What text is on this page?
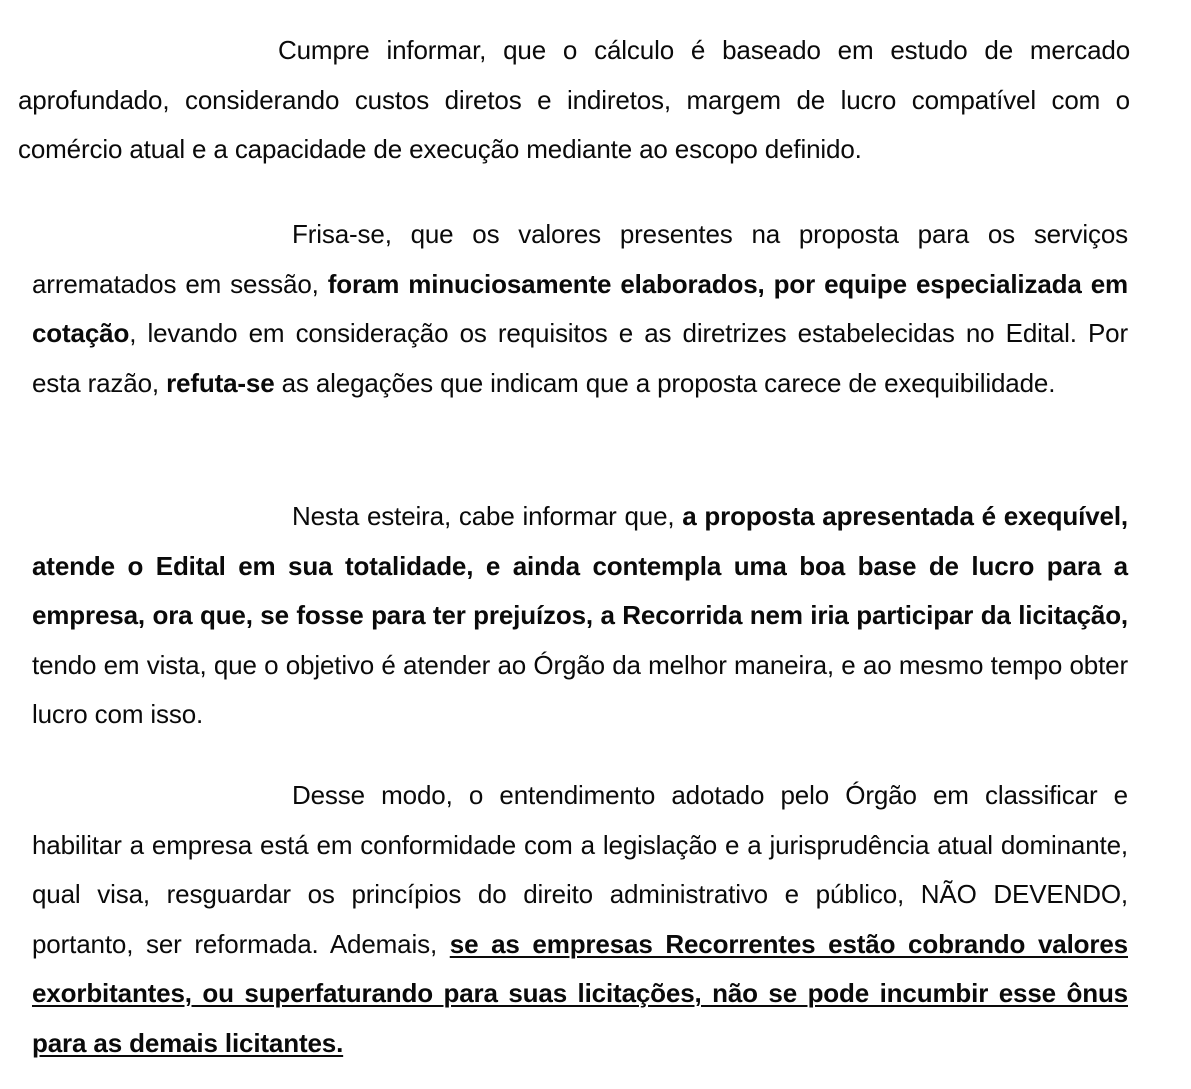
Cumpre informar, que o cálculo é baseado em estudo de mercado aprofundado, considerando custos diretos e indiretos, margem de lucro compatível com o comércio atual e a capacidade de execução mediante ao escopo definido.

Frisa-se, que os valores presentes na proposta para os serviços arrematados em sessão, foram minuciosamente elaborados, por equipe especializada em cotação, levando em consideração os requisitos e as diretrizes estabelecidas no Edital. Por esta razão, refuta-se as alegações que indicam que a proposta carece de exequibilidade.

Nesta esteira, cabe informar que, a proposta apresentada é exequível, atende o Edital em sua totalidade, e ainda contempla uma boa base de lucro para a empresa, ora que, se fosse para ter prejuízos, a Recorrida nem iria participar da licitação, tendo em vista, que o objetivo é atender ao Órgão da melhor maneira, e ao mesmo tempo obter lucro com isso.

Desse modo, o entendimento adotado pelo Órgão em classificar e habilitar a empresa está em conformidade com a legislação e a jurisprudência atual dominante, qual visa, resguardar os princípios do direito administrativo e público, NÃO DEVENDO, portanto, ser reformada. Ademais, se as empresas Recorrentes estão cobrando valores exorbitantes, ou superfaturando para suas licitações, não se pode incumbir esse ônus para as demais licitantes.
